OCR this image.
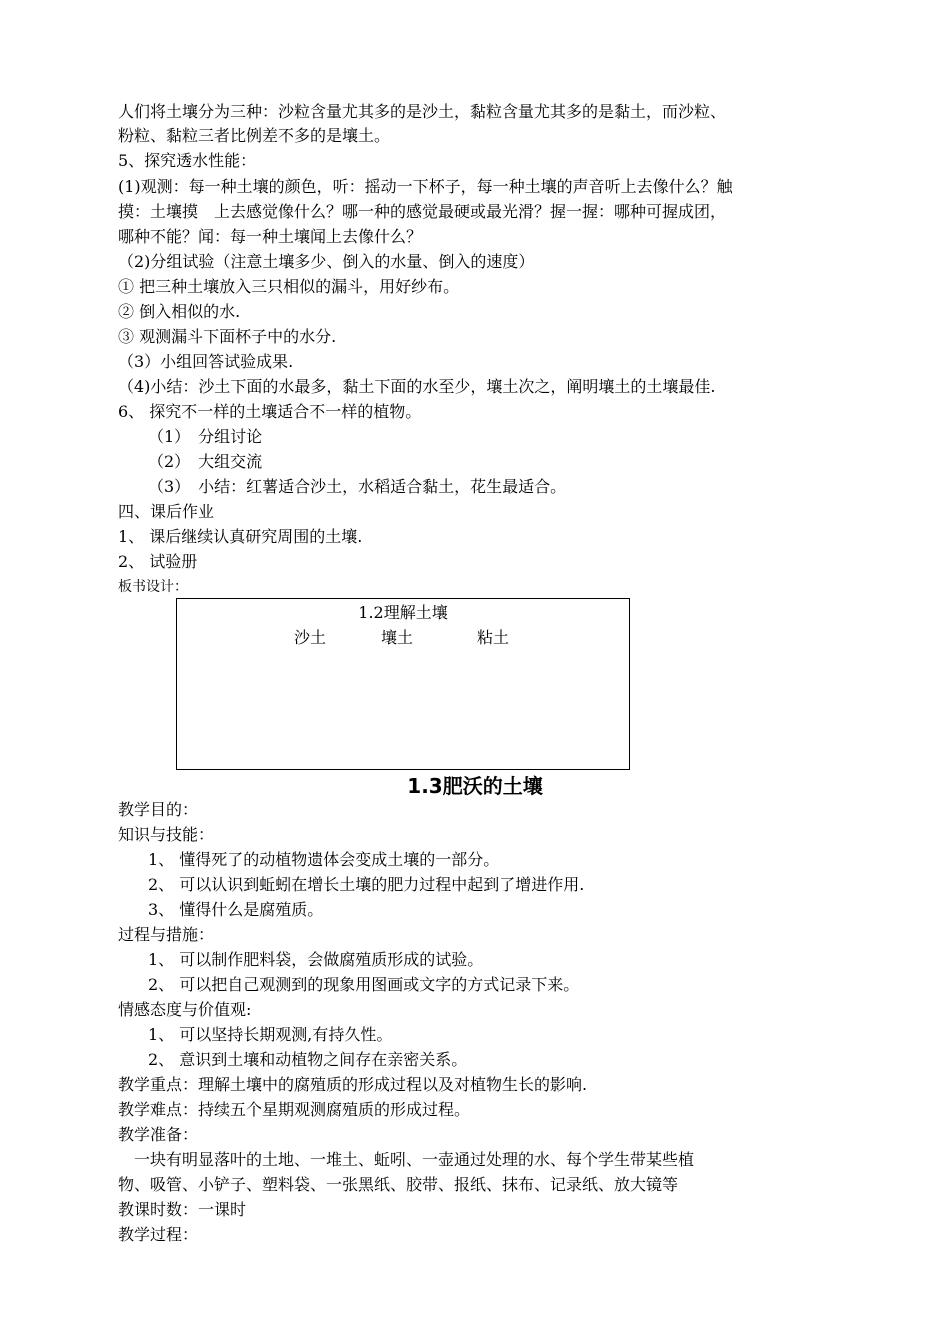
人们将土壤分为三种：沙粒含量尤其多的是沙土，黏粒含量尤其多的是黏土，而沙粒、
粉粒、黏粒三者比例差不多的是壤土。
5、探究透水性能：
(1)观测：每一种土壤的颜色，听：摇动一下杯子，每一种土壤的声音听上去像什么？触
摸：土壤摸　上去感觉像什么？哪一种的感觉最硬或最光滑？握一握：哪种可握成团，
哪种不能？闻：每一种土壤闻上去像什么？
（2)分组试验（注意土壤多少、倒入的水量、倒入的速度）
① 把三种土壤放入三只相似的漏斗，用好纱布。
② 倒入相似的水.
③ 观测漏斗下面杯子中的水分.
（3）小组回答试验成果.
（4)小结：沙土下面的水最多，黏土下面的水至少，壤土次之，阐明壤土的土壤最佳.
6、 探究不一样的土壤适合不一样的植物。
（1）　分组讨论
（2）　大组交流
（3）　小结：红薯适合沙土，水稻适合黏土，花生最适合。
四、课后作业
1、 课后继续认真研究周围的土壤.
2、 试验册
板书设计：
1.2理解土壤
沙土	壤土	粘土
1.3肥沃的土壤
教学目的：
知识与技能：
1、 懂得死了的动植物遗体会变成土壤的一部分。
2、 可以认识到蚯蚓在增长土壤的肥力过程中起到了增进作用.
3、 懂得什么是腐殖质。
过程与措施：
1、 可以制作肥料袋，会做腐殖质形成的试验。
2、 可以把自己观测到的现象用图画或文字的方式记录下来。
情感态度与价值观:
1、 可以坚持长期观测,有持久性。
2、 意识到土壤和动植物之间存在亲密关系。
教学重点：理解土壤中的腐殖质的形成过程以及对植物生长的影响.
教学难点：持续五个星期观测腐殖质的形成过程。
教学准备：
　一块有明显落叶的土地、一堆土、蚯吲、一壶通过处理的水、每个学生带某些植
物、吸管、小铲子、塑料袋、一张黑纸、胶带、报纸、抹布、记录纸、放大镜等
教课时数：一课时
教学过程：
